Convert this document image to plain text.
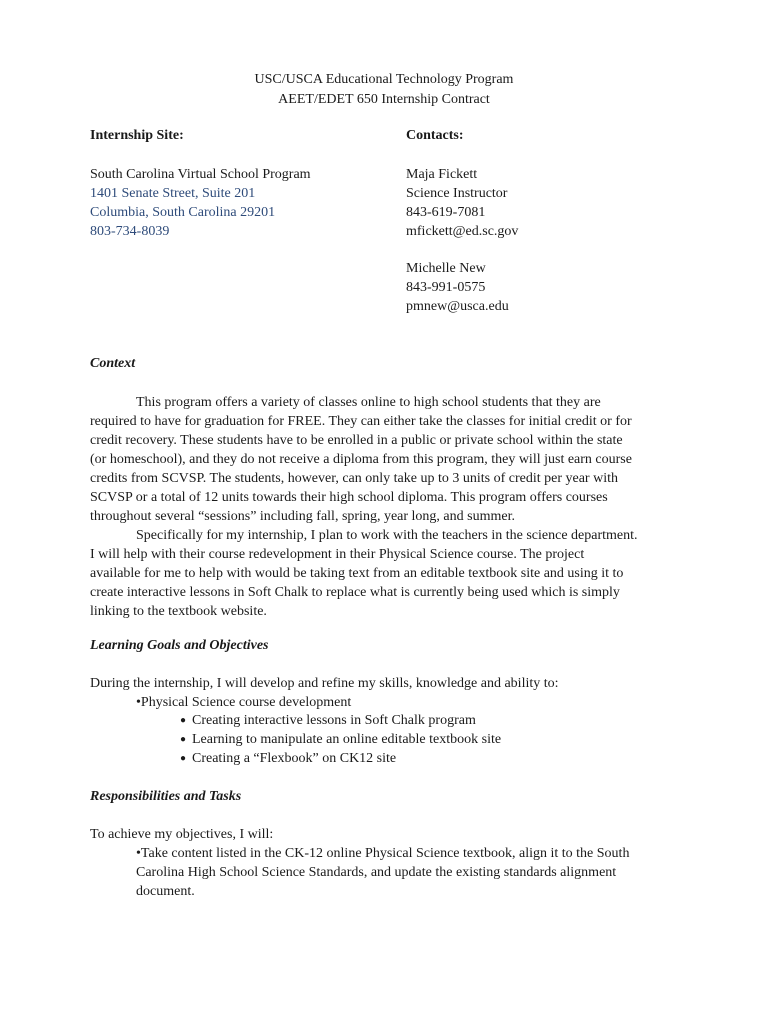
USC/USCA Educational Technology Program
AEET/EDET 650 Internship Contract
Internship Site:
South Carolina Virtual School Program
1401 Senate Street, Suite 201
Columbia, South Carolina 29201
803-734-8039
Contacts:
Maja Fickett
Science Instructor
843-619-7081
mfickett@ed.sc.gov
Michelle New
843-991-0575
pmnew@usca.edu
Context
This program offers a variety of classes online to high school students that they are
required to have for graduation for FREE. They can either take the classes for initial credit or for
credit recovery. These students have to be enrolled in a public or private school within the state
(or homeschool), and they do not receive a diploma from this program, they will just earn course
credits from SCVSP. The students, however, can only take up to 3 units of credit per year with
SCVSP or a total of 12 units towards their high school diploma. This program offers courses
throughout several “sessions” including fall, spring, year long, and summer.
Specifically for my internship, I plan to work with the teachers in the science department.
I will help with their course redevelopment in their Physical Science course. The project
available for me to help with would be taking text from an editable textbook site and using it to
create interactive lessons in Soft Chalk to replace what is currently being used which is simply
linking to the textbook website.
Learning Goals and Objectives
During the internship, I will develop and refine my skills, knowledge and ability to:
•Physical Science course development
● Creating interactive lessons in Soft Chalk program
● Learning to manipulate an online editable textbook site
● Creating a “Flexbook” on CK12 site
Responsibilities and Tasks
To achieve my objectives, I will:
•Take content listed in the CK-12 online Physical Science textbook, align it to the South
Carolina High School Science Standards, and update the existing standards alignment
document.
